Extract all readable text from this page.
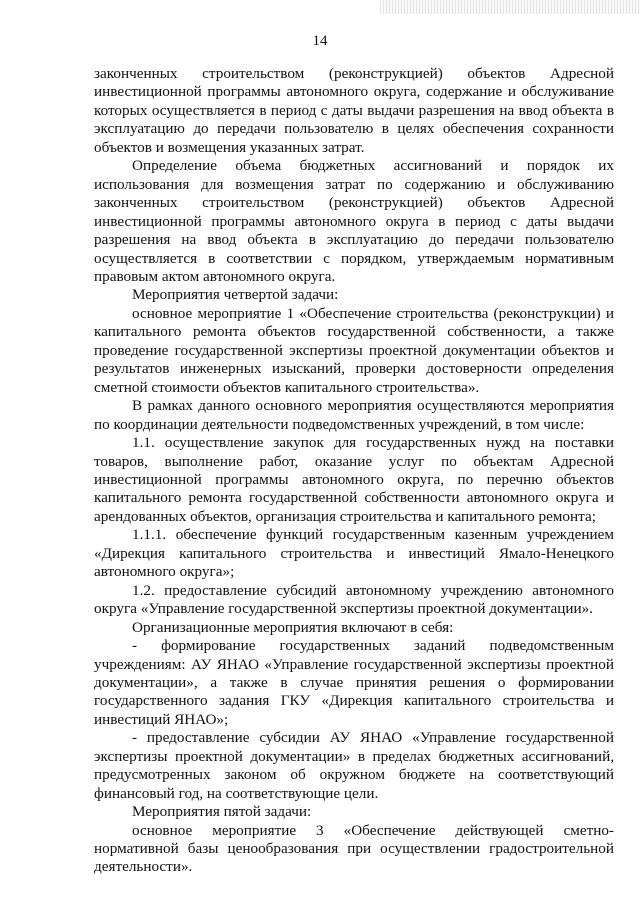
14

законченных строительством (реконструкцией) объектов Адресной инвестиционной программы автономного округа, содержание и обслуживание которых осуществляется в период с даты выдачи разрешения на ввод объекта в эксплуатацию до передачи пользователю в целях обеспечения сохранности объектов и возмещения указанных затрат.

Определение объема бюджетных ассигнований и порядок их использования для возмещения затрат по содержанию и обслуживанию законченных строительством (реконструкцией) объектов Адресной инвестиционной программы автономного округа в период с даты выдачи разрешения на ввод объекта в эксплуатацию до передачи пользователю осуществляется в соответствии с порядком, утверждаемым нормативным правовым актом автономного округа.

Мероприятия четвертой задачи:

основное мероприятие 1 «Обеспечение строительства (реконструкции) и капитального ремонта объектов государственной собственности, а также проведение государственной экспертизы проектной документации объектов и результатов инженерных изысканий, проверки достоверности определения сметной стоимости объектов капитального строительства».

В рамках данного основного мероприятия осуществляются мероприятия по координации деятельности подведомственных учреждений, в том числе:

1.1. осуществление закупок для государственных нужд на поставки товаров, выполнение работ, оказание услуг по объектам Адресной инвестиционной программы автономного округа, по перечню объектов капитального ремонта государственной собственности автономного округа и арендованных объектов, организация строительства и капитального ремонта;

1.1.1. обеспечение функций государственным казенным учреждением «Дирекция капитального строительства и инвестиций Ямало-Ненецкого автономного округа»;

1.2. предоставление субсидий автономному учреждению автономного округа «Управление государственной экспертизы проектной документации».

Организационные мероприятия включают в себя:

- формирование государственных заданий подведомственным учреждениям: АУ ЯНАО «Управление государственной экспертизы проектной документации», а также в случае принятия решения о формировании государственного задания ГКУ «Дирекция капитального строительства и инвестиций ЯНАО»;

- предоставление субсидии АУ ЯНАО «Управление государственной экспертизы проектной документации» в пределах бюджетных ассигнований, предусмотренных законом об окружном бюджете на соответствующий финансовый год, на соответствующие цели.

Мероприятия пятой задачи:

основное мероприятие 3 «Обеспечение действующей сметно-нормативной базы ценообразования при осуществлении градостроительной деятельности».
